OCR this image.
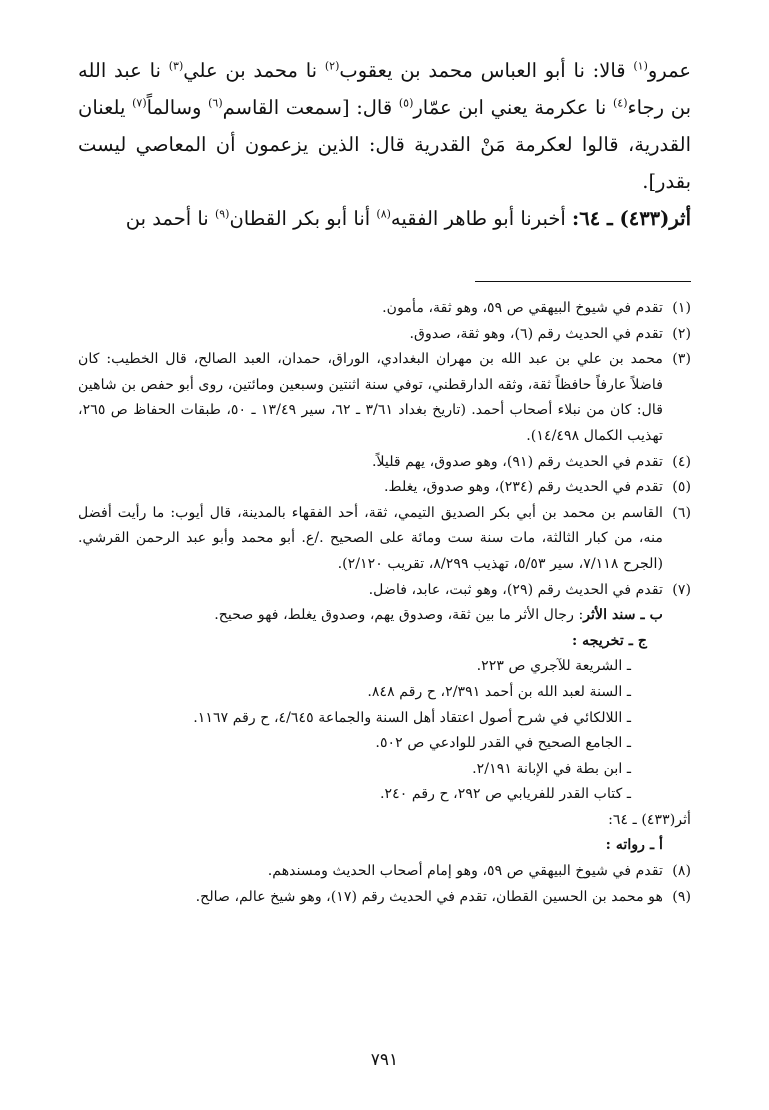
عمرو$^{(١)}$ قالا: نا أبو العباس محمد بن يعقوب$^{(٢)}$ نا محمد بن علي$^{(٣)}$ نا عبد الله بن رجاء$^{(٤)}$ نا عكرمة يعني ابن عمّار$^{(٥)}$ قال: [سمعت القاسم$^{(٦)}$ وسالماً$^{(٧)}$ يلعنان القدرية، قالوا لعكرمة مَنْ القدرية قال: الذين يزعمون أن المعاصي ليست بقدر].

أثر(٤٣٣) ـ ٦٤: أخبرنا أبو طاهر الفقيه$^{(٨)}$ أنا أبو بكر القطان$^{(٩)}$ نا أحمد بن

(١)
تقدم في شيوخ البيهقي ص ٥٩، وهو ثقة، مأمون.
(٢)
تقدم في الحديث رقم (٦)، وهو ثقة، صدوق.
(٣)
محمد بن علي بن عبد الله بن مهران البغدادي، الوراق، حمدان، العبد الصالح، قال الخطيب: كان فاضلاً عارفاً حافظاً ثقة، وثقه الدارقطني، توفي سنة اثنتين وسبعين ومائتين، روى أبو حفص بن شاهين قال: كان من نبلاء أصحاب أحمد. (تاريخ بغداد ٣/٦١ ـ ٦٢، سير ١٣/٤٩ ـ ٥٠، طبقات الحفاظ ص ٢٦٥، تهذيب الكمال ١٤/٤٩٨).
(٤)
تقدم في الحديث رقم (٩١)، وهو صدوق، يهم قليلاً.
(٥)
تقدم في الحديث رقم (٢٣٤)، وهو صدوق، يغلط.
(٦)
القاسم بن محمد بن أبي بكر الصديق التيمي، ثقة، أحد الفقهاء بالمدينة، قال أيوب: ما رأيت أفضل منه، من كبار الثالثة، مات سنة ست ومائة على الصحيح ./ع. أبو محمد وأبو عبد الرحمن القرشي. (الجرح ٧/١١٨، سير ٥/٥٣، تهذيب ٨/٢٩٩، تقريب ٢/١٢٠).
(٧)
تقدم في الحديث رقم (٢٩)، وهو ثبت، عابد، فاضل.
ب ـ سند الأثر: رجال الأثر ما بين ثقة، وصدوق يهم، وصدوق يغلط، فهو صحيح.
ج ـ تخريجه :
ـ الشريعة للآجري ص ٢٢٣.
ـ السنة لعبد الله بن أحمد ٢/٣٩١، ح رقم ٨٤٨.
ـ اللالكائي في شرح أصول اعتقاد أهل السنة والجماعة ٤/٦٤٥، ح رقم ١١٦٧.
ـ الجامع الصحيح في القدر للوادعي ص ٥٠٢.
ـ ابن بطة في الإبانة ٢/١٩١.
ـ كتاب القدر للفريابي ص ٢٩٢، ح رقم ٢٤٠.
أثر(٤٣٣) ـ ٦٤:
أ ـ رواته :
(٨)
تقدم في شيوخ البيهقي ص ٥٩، وهو إمام أصحاب الحديث ومسندهم.
(٩)
هو محمد بن الحسين القطان، تقدم في الحديث رقم (١٧)، وهو شيخ عالم، صالح.
٧٩١
